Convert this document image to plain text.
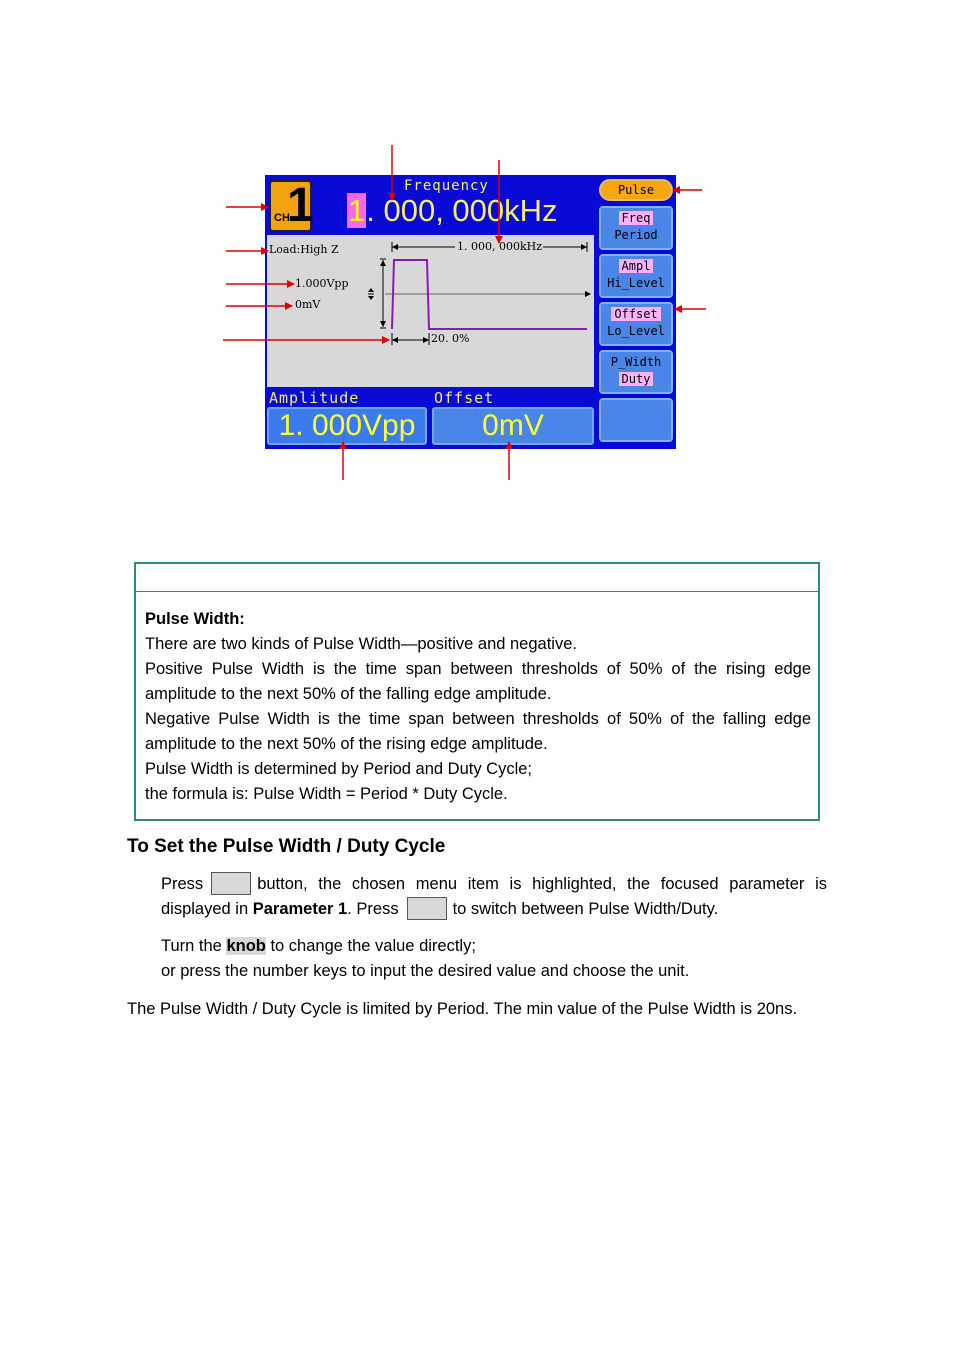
CH
1	Frequency
1. 000, 000kHz
Load:High Z	1. 000, 000kHz
1.000Vpp
0mV
20. 0%
Amplitude
1. 000Vpp
Offset
0mV
Pulse
Freq
Period
Ampl
Hi_Level
Offset
Lo_Level
P_Width
Duty

Pulse Width:

There are two kinds of Pulse Width—positive and negative.

Positive Pulse Width is the time span between thresholds of 50% of the rising edge amplitude to the next 50% of the falling edge amplitude.

Negative Pulse Width is the time span between thresholds of 50% of the falling edge amplitude to the next 50% of the rising edge amplitude.

Pulse Width is determined by Period and Duty Cycle;

the formula is: Pulse Width = Period * Duty Cycle.

To Set the Pulse Width / Duty Cycle
Press	button, the chosen menu item is highlighted, the focused parameter is displayed in Parameter 1. Press	to switch between Pulse Width/Duty.
Turn the knob to change the value directly;
or press the number keys to input the desired value and choose the unit.
The Pulse Width / Duty Cycle is limited by Period. The min value of the Pulse Width is 20ns.
